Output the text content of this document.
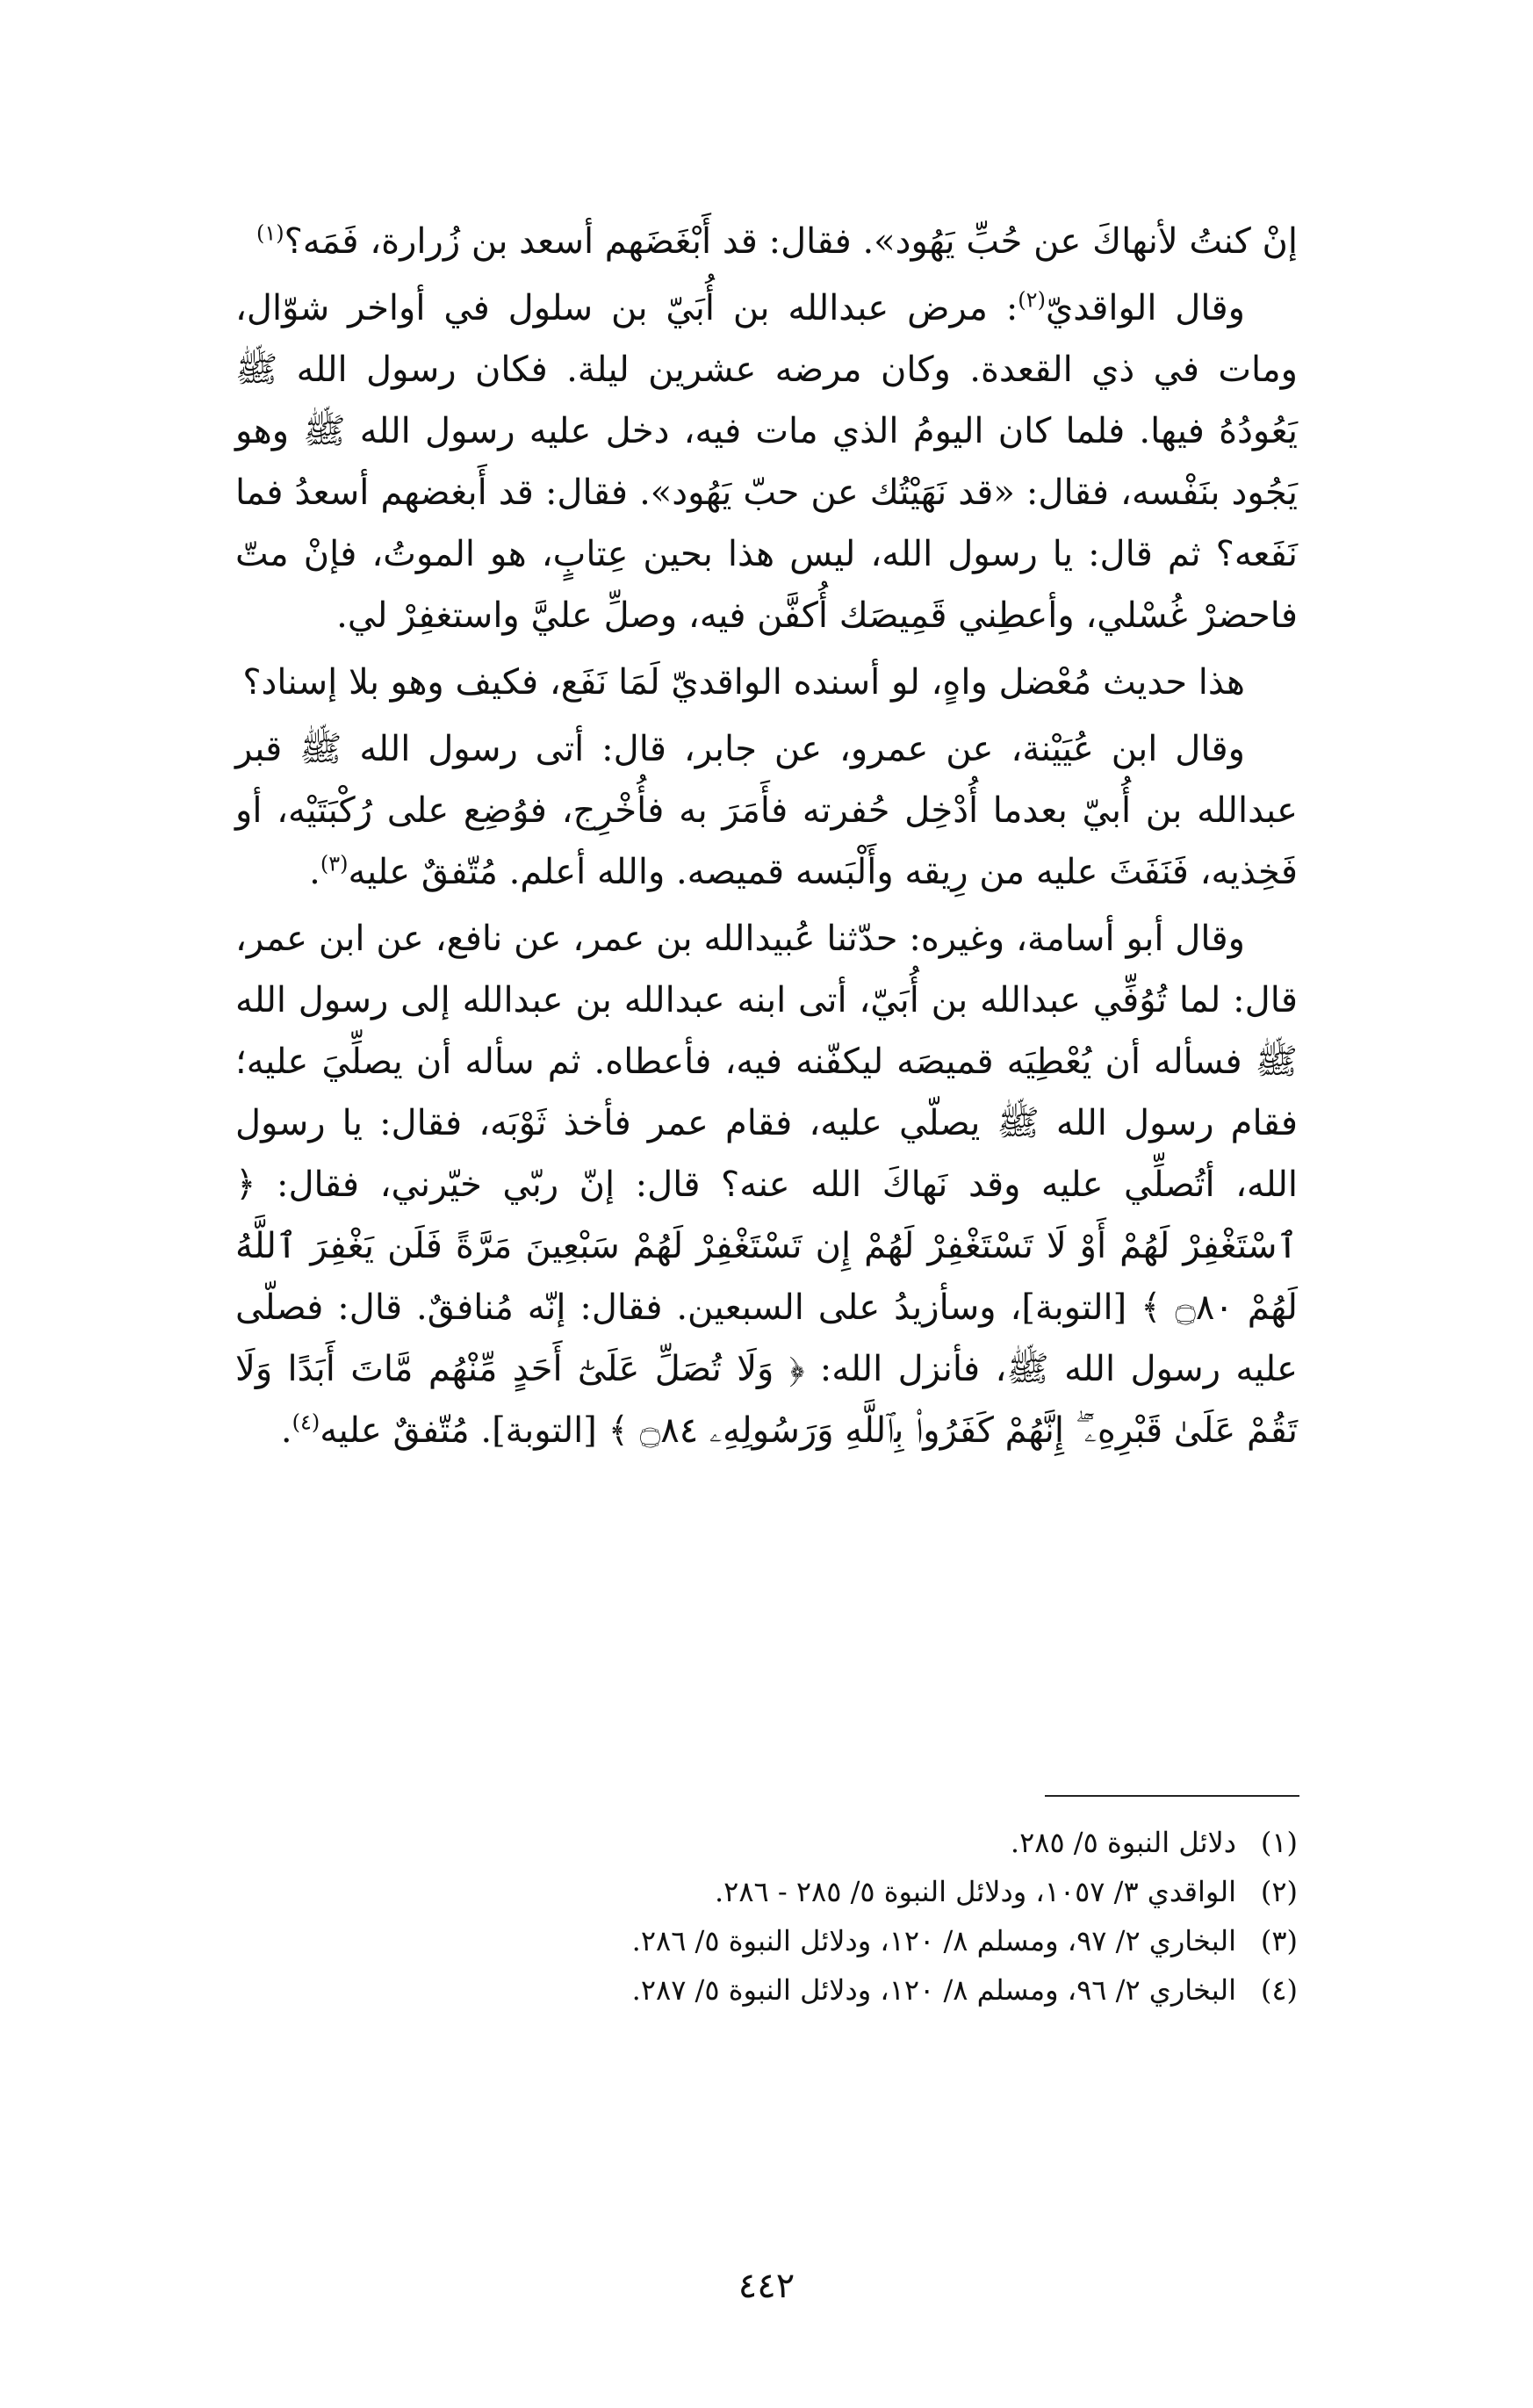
إنْ كنتُ لأنهاكَ عن حُبِّ يَهُود». فقال: قد أَبْغَضَهم أسعد بن زُرارة، فَمَه؟$^{(١)}$

وقال الواقديّ$^{(٢)}$: مرض عبدالله بن أُبَيّ بن سلول في أواخر شوّال، ومات في ذي القعدة. وكان مرضه عشرين ليلة. فكان رسول الله ﷺ يَعُودُهُ فيها. فلما كان اليومُ الذي مات فيه، دخل عليه رسول الله ﷺ وهو يَجُود بنَفْسه، فقال: «قد نَهَيْتُك عن حبّ يَهُود». فقال: قد أَبغضهم أسعدُ فما نَفَعه؟ ثم قال: يا رسول الله، ليس هذا بحين عِتابٍ، هو الموتُ، فإنْ متّ فاحضرْ غُسْلي، وأعطِني قَمِيصَك أُكفَّن فيه، وصلِّ عليَّ واستغفِرْ لي.

هذا حديث مُعْضل واهٍ، لو أسنده الواقديّ لَمَا نَفَع، فكيف وهو بلا إسناد؟

وقال ابن عُيَيْنة، عن عمرو، عن جابر، قال: أتى رسول الله ﷺ قبر عبدالله بن أُبيّ بعدما أُدْخِل حُفرته فأَمَرَ به فأُخْرِج، فوُضِع على رُكْبَتَيْه، أو فَخِذيه، فَنَفَثَ عليه من رِيقه وأَلْبَسه قميصه. والله أعلم. مُتّفقٌ عليه$^{(٣)}$.

وقال أبو أسامة، وغيره: حدّثنا عُبيدالله بن عمر، عن نافع، عن ابن عمر، قال: لما تُوُفِّي عبدالله بن أُبَيّ، أتى ابنه عبدالله بن عبدالله إلى رسول الله ﷺ فسأله أن يُعْطِيَه قميصَه ليكفّنه فيه، فأعطاه. ثم سأله أن يصلِّيَ عليه؛ فقام رسول الله ﷺ يصلّي عليه، فقام عمر فأخذ ثَوْبَه، فقال: يا رسول الله، أتُصلِّي عليه وقد نَهاكَ الله عنه؟ قال: إنّ ربّي خيّرني، فقال: ﴿ ٱسْتَغْفِرْ لَهُمْ أَوْ لَا تَسْتَغْفِرْ لَهُمْ إِن تَسْتَغْفِرْ لَهُمْ سَبْعِينَ مَرَّةً فَلَن يَغْفِرَ ٱللَّهُ لَهُمْ ۝٨٠ ﴾ [التوبة]، وسأزيدُ على السبعين. فقال: إنّه مُنافقٌ. قال: فصلّى عليه رسول الله ﷺ، فأنزل الله: ﴿ وَلَا تُصَلِّ عَلَىٰٓ أَحَدٍ مِّنْهُم مَّاتَ أَبَدًا وَلَا تَقُمْ عَلَىٰ قَبْرِهِۦٓ ۖ إِنَّهُمْ كَفَرُوا۟ بِٱللَّهِ وَرَسُولِهِۦ ۝٨٤ ﴾ [التوبة]. مُتّفقٌ عليه$^{(٤)}$.

(١)
دلائل النبوة ٥/ ٢٨٥.
(٢)
الواقدي ٣/ ١٠٥٧، ودلائل النبوة ٥/ ٢٨٥ - ٢٨٦.
(٣)
البخاري ٢/ ٩٧، ومسلم ٨/ ١٢٠، ودلائل النبوة ٥/ ٢٨٦.
(٤)
البخاري ٢/ ٩٦، ومسلم ٨/ ١٢٠، ودلائل النبوة ٥/ ٢٨٧.
٤٤٢
